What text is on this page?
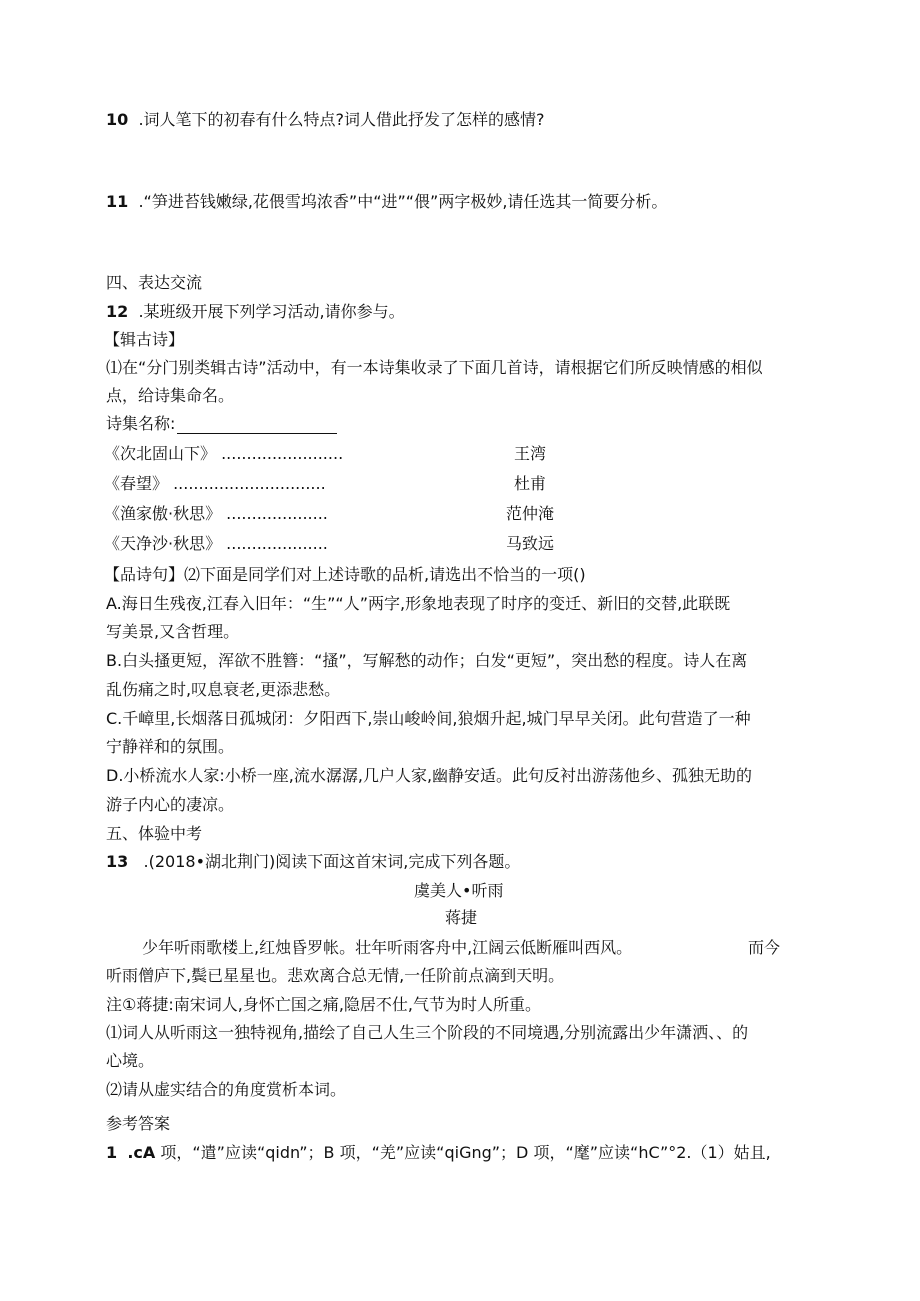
10 .词人笔下的初春有什么特点?词人借此抒发了怎样的感情?
11 .“笋进苔钱嫩绿,花偎雪坞浓香”中“进”“偎”两字极妙,请任选其一简要分析。
四、表达交流
12 .某班级开展下列学习活动,请你参与。
【辑古诗】
⑴在“分门别类辑古诗”活动中，有一本诗集收录了下面几首诗，请根据它们所反映情感的相似
点，给诗集命名。
诗集名称:
《次北固山下》 ........................	王湾
《春望》 ..............................	杜甫
《渔家傲·秋思》 ....................	范仲淹
《天净沙·秋思》 ....................	马致远
【品诗句】⑵下面是同学们对上述诗歌的品析,请选出不恰当的一项()
A.海日生残夜,江春入旧年：“生”“人”两字,形象地表现了时序的变迁、新旧的交替,此联既
写美景,又含哲理。
B.白头搔更短，浑欲不胜簪：“搔”，写解愁的动作；白发“更短”，突出愁的程度。诗人在离
乱伤痛之时,叹息衰老,更添悲愁。
C.千嶂里,长烟落日孤城闭：夕阳西下,崇山峻岭间,狼烟升起,城门早早关闭。此句营造了一种
宁静祥和的氛围。
D.小桥流水人家:小桥一座,流水潺潺,几户人家,幽静安适。此句反衬出游荡他乡、孤独无助的
游子内心的凄凉。
五、体验中考
13 .(2018•湖北荆门)阅读下面这首宋词,完成下列各题。
虞美人•听雨
蒋捷
少年听雨歌楼上,红烛昏罗帐。壮年听雨客舟中,江阔云低断雁叫西风。	而今
听雨僧庐下,鬓已星星也。悲欢离合总无情,一任阶前点滴到天明。
注①蒋捷:南宋词人,身怀亡国之痛,隐居不仕,气节为时人所重。
⑴词人从听雨这一独特视角,描绘了自己人生三个阶段的不同境遇,分别流露出少年潇洒、、的
心境。
⑵请从虚实结合的角度赏析本词。
参考答案
1 .cA 项，“遣”应读“qidn”；B 项，“羌”应读“qiGng”；D 项，“麾”应读“hC”°2.（1）姑且,
